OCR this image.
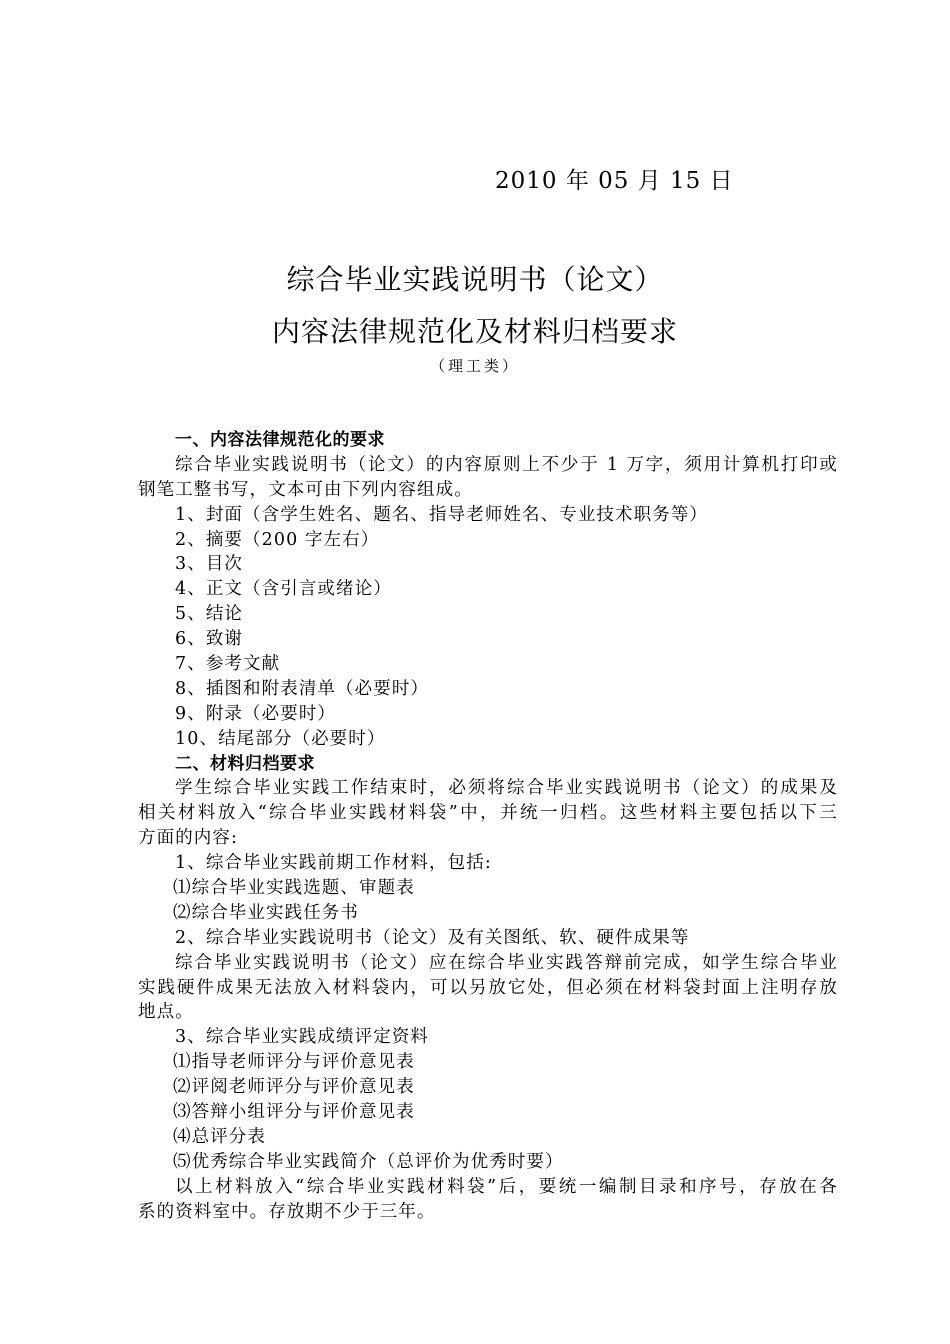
2010 年 05 月 15 日
综合毕业实践说明书（论文）
内容法律规范化及材料归档要求
（理工类）
一、内容法律规范化的要求
综合毕业实践说明书（论文）的内容原则上不少于 1 万字，须用计算机打印或
钢笔工整书写，文本可由下列内容组成。
1、封面（含学生姓名、题名、指导老师姓名、专业技术职务等）
2、摘要（200 字左右）
3、目次
4、正文（含引言或绪论）
5、结论
6、致谢
7、参考文献
8、插图和附表清单（必要时）
9、附录（必要时）
10、结尾部分（必要时）
二、材料归档要求
学生综合毕业实践工作结束时，必须将综合毕业实践说明书（论文）的成果及
相关材料放入“综合毕业实践材料袋”中，并统一归档。这些材料主要包括以下三
方面的内容:
1、综合毕业实践前期工作材料，包括:
⑴综合毕业实践选题、审题表
⑵综合毕业实践任务书
2、综合毕业实践说明书（论文）及有关图纸、软、硬件成果等
综合毕业实践说明书（论文）应在综合毕业实践答辩前完成，如学生综合毕业
实践硬件成果无法放入材料袋内，可以另放它处，但必须在材料袋封面上注明存放
地点。
3、综合毕业实践成绩评定资料
⑴指导老师评分与评价意见表
⑵评阅老师评分与评价意见表
⑶答辩小组评分与评价意见表
⑷总评分表
⑸优秀综合毕业实践简介（总评价为优秀时要）
以上材料放入“综合毕业实践材料袋”后，要统一编制目录和序号，存放在各
系的资料室中。存放期不少于三年。
